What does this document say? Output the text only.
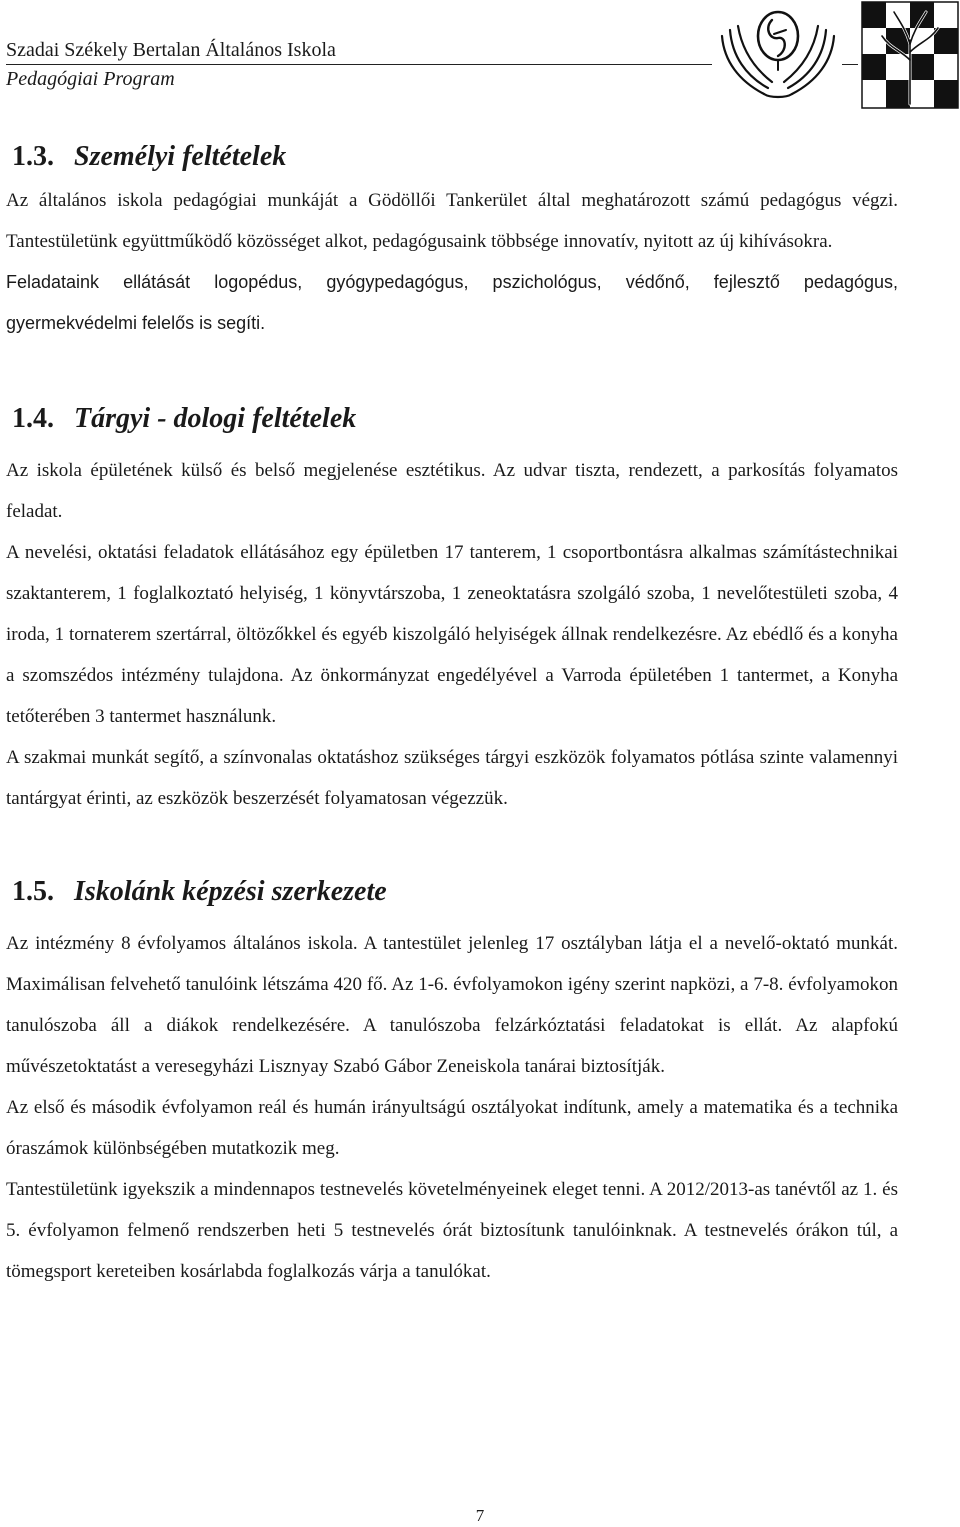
Szadai Székely Bertalan Általános Iskola
Pedagógiai Program
1.3. Személyi feltételek

Az általános iskola pedagógiai munkáját a Gödöllői Tankerület által meghatározott számú pedagógus végzi. Tantestületünk együttműködő közösséget alkot, pedagógusaink többsége innovatív, nyitott az új kihívásokra.

Feladataink ellátását logopédus, gyógypedagógus, pszichológus, védőnő, fejlesztő pedagógus, gyermekvédelmi felelős is segíti.

1.4. Tárgyi - dologi feltételek

Az iskola épületének külső és belső megjelenése esztétikus. Az udvar tiszta, rendezett, a parkosítás folyamatos feladat.

A nevelési, oktatási feladatok ellátásához egy épületben 17 tanterem, 1 csoportbontásra alkalmas számítástechnikai szaktanterem, 1 foglalkoztató helyiség, 1 könyvtárszoba, 1 zeneoktatásra szolgáló szoba, 1 nevelőtestületi szoba, 4 iroda, 1 tornaterem szertárral, öltözőkkel és egyéb kiszolgáló helyiségek állnak rendelkezésre. Az ebédlő és a konyha a szomszédos intézmény tulajdona. Az önkormányzat engedélyével a Varroda épületében 1 tantermet, a Konyha tetőterében 3 tantermet használunk.

A szakmai munkát segítő, a színvonalas oktatáshoz szükséges tárgyi eszközök folyamatos pótlása szinte valamennyi tantárgyat érinti, az eszközök beszerzését folyamatosan végezzük.

1.5. Iskolánk képzési szerkezete

Az intézmény 8 évfolyamos általános iskola. A tantestület jelenleg 17 osztályban látja el a nevelő-oktató munkát. Maximálisan felvehető tanulóink létszáma 420 fő. Az 1-6. évfolyamokon igény szerint napközi, a 7-8. évfolyamokon tanulószoba áll a diákok rendelkezésére. A tanulószoba felzárkóztatási feladatokat is ellát. Az alapfokú művészetoktatást a veresegyházi Lisznyay Szabó Gábor Zeneiskola tanárai biztosítják.

Az első és második évfolyamon reál és humán irányultságú osztályokat indítunk, amely a matematika és a technika óraszámok különbségében mutatkozik meg.

Tantestületünk igyekszik a mindennapos testnevelés követelményeinek eleget tenni. A 2012/2013-as tanévtől az 1. és 5. évfolyamon felmenő rendszerben heti 5 testnevelés órát biztosítunk tanulóinknak. A testnevelés órákon túl, a tömegsport kereteiben kosárlabda foglalkozás várja a tanulókat.

7
